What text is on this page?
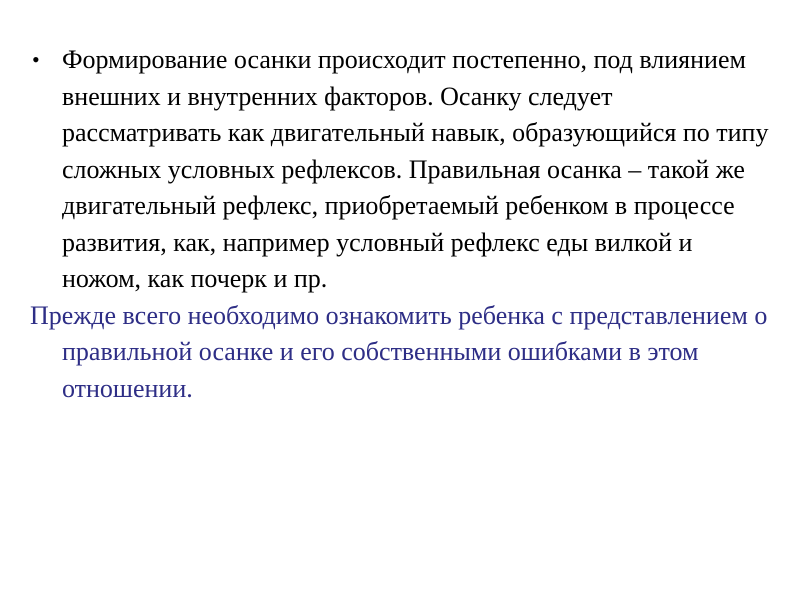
• Формирование осанки происходит постепенно, под влиянием внешних и внутренних факторов. Осанку следует рассматривать как двигательный навык, образующийся по типу сложных условных рефлексов. Правильная осанка – такой же двигательный рефлекс, приобретаемый ребенком в процессе развития, как, например условный рефлекс еды вилкой и ножом, как почерк и пр.

Прежде всего необходимо ознакомить ребенка с представлением о правильной осанке и его собственными ошибками в этом отношении.
